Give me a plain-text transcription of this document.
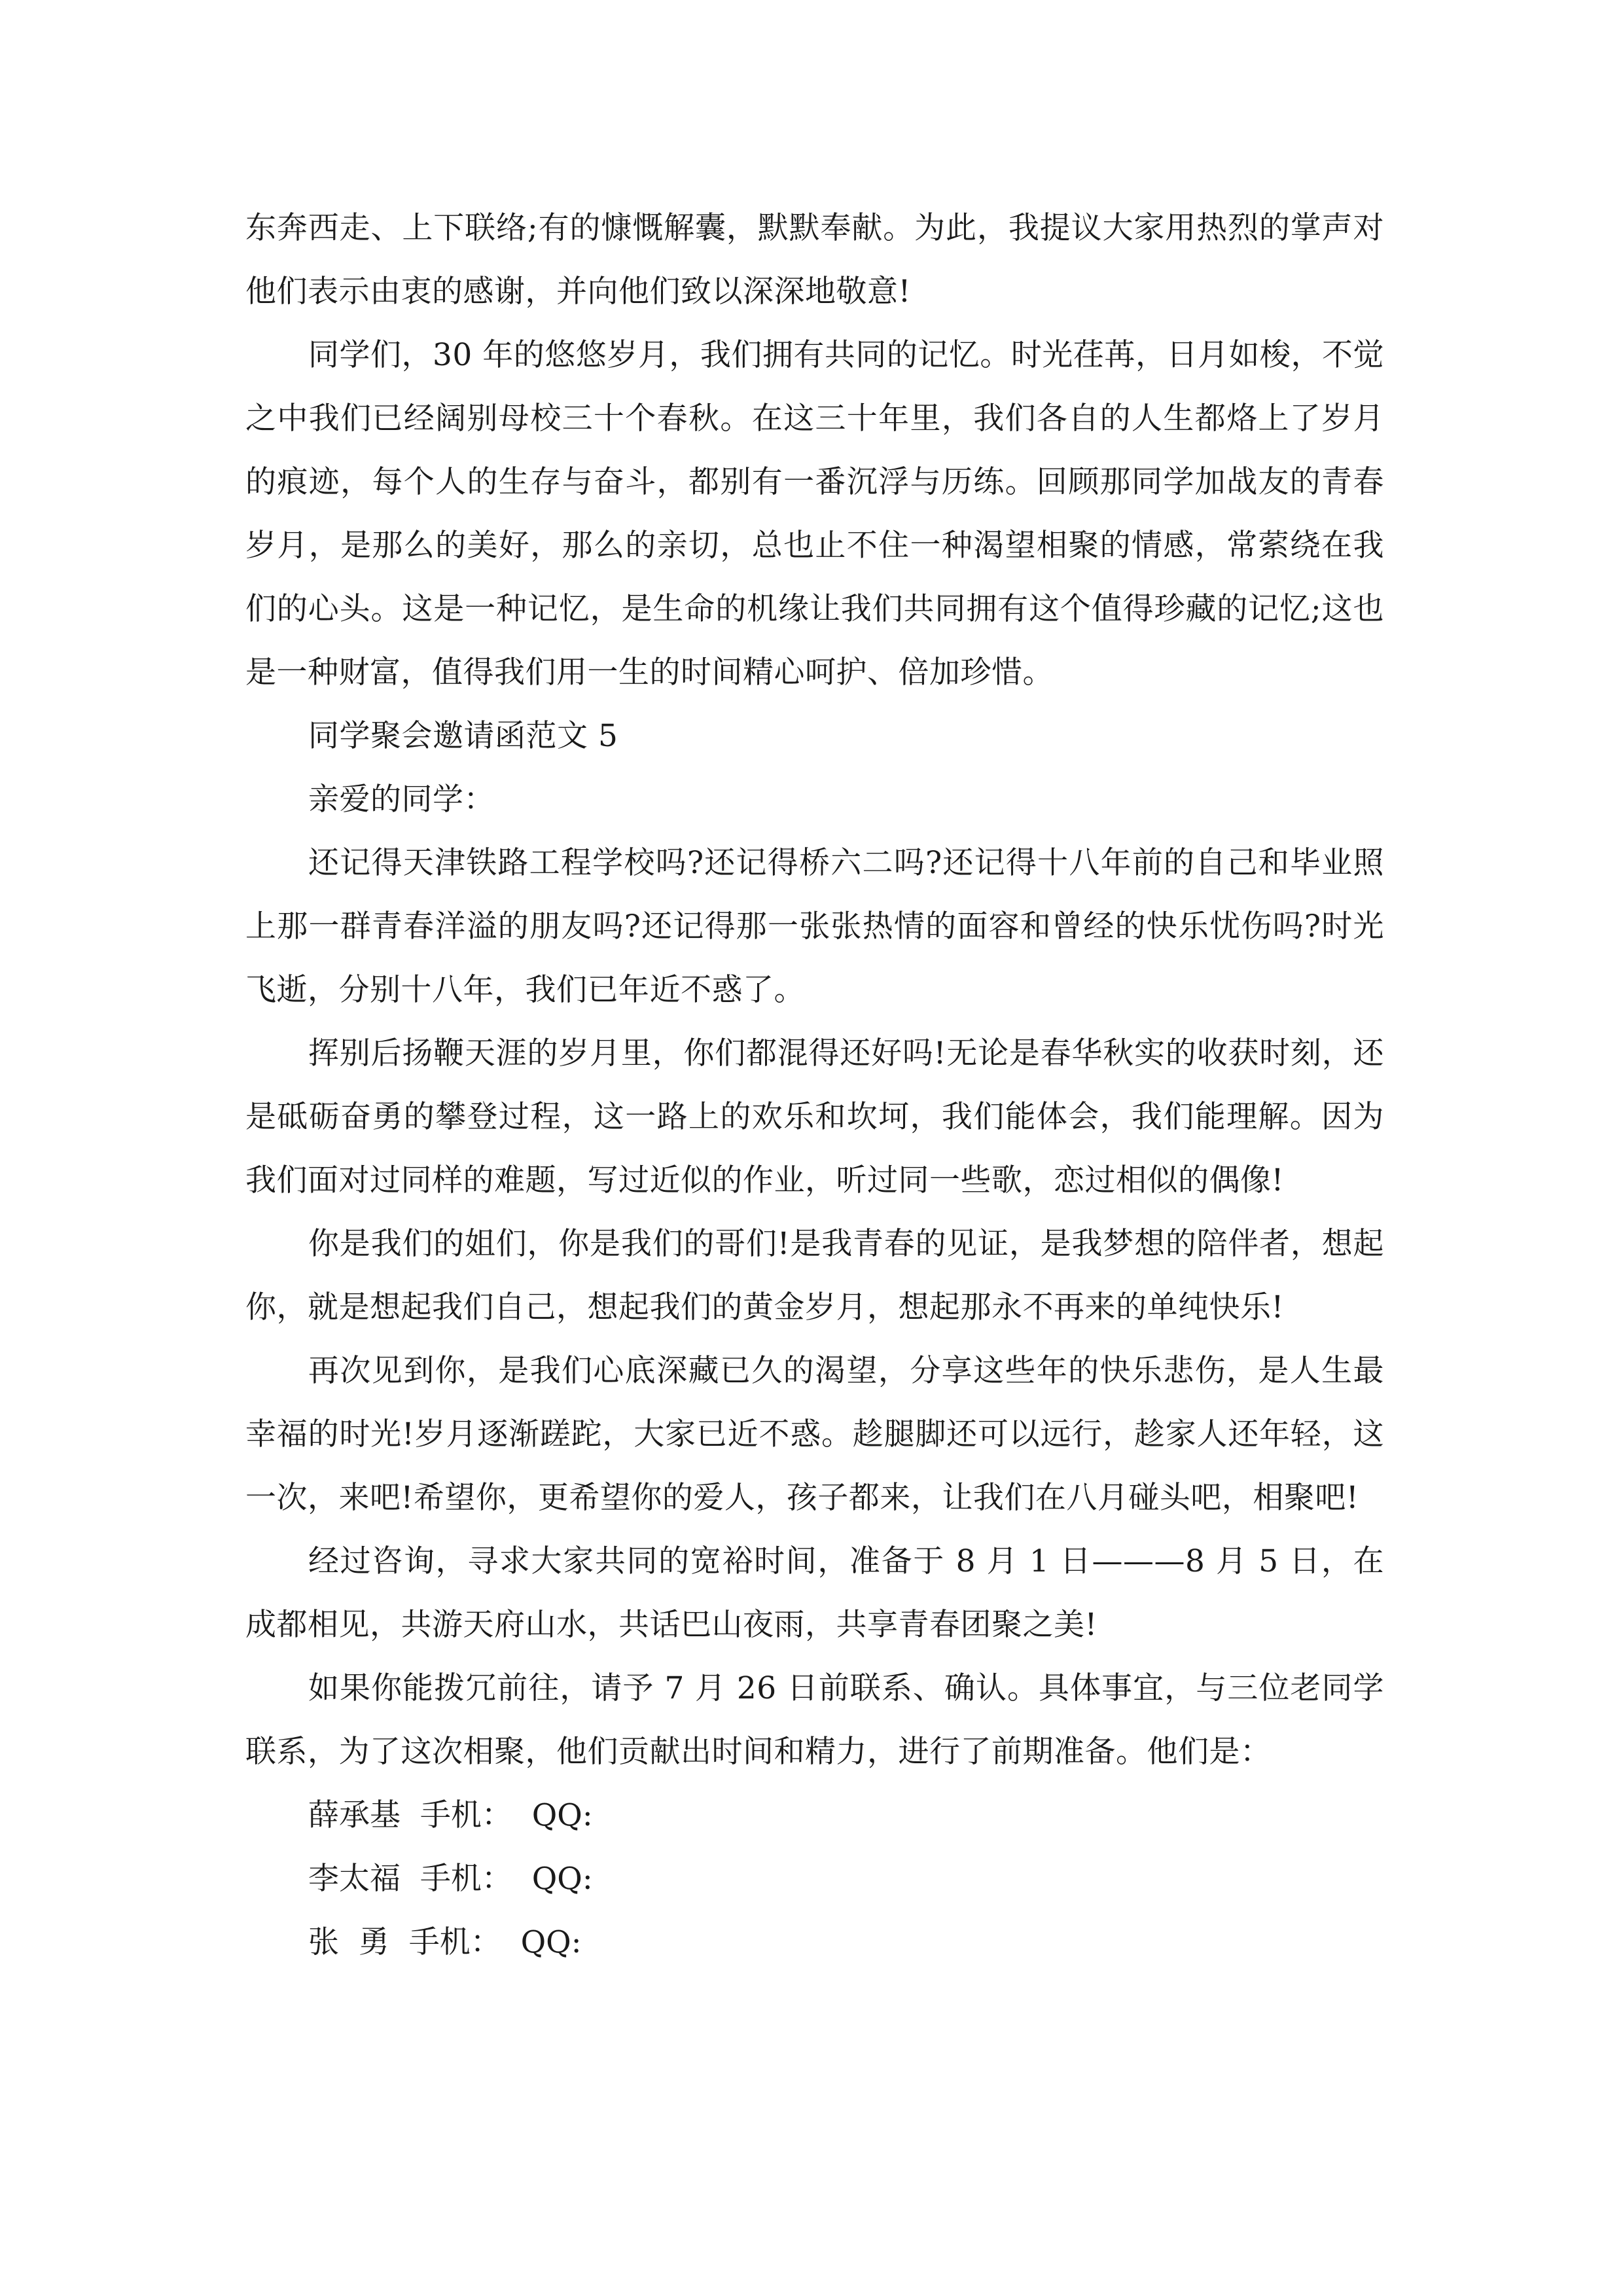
东奔西走、上下联络;有的慷慨解囊，默默奉献。为此，我提议大家用热烈的掌声对他们表示由衷的感谢，并向他们致以深深地敬意!

同学们，30 年的悠悠岁月，我们拥有共同的记忆。时光荏苒，日月如梭，不觉之中我们已经阔别母校三十个春秋。在这三十年里，我们各自的人生都烙上了岁月的痕迹，每个人的生存与奋斗，都别有一番沉浮与历练。回顾那同学加战友的青春岁月，是那么的美好，那么的亲切，总也止不住一种渴望相聚的情感，常萦绕在我们的心头。这是一种记忆，是生命的机缘让我们共同拥有这个值得珍藏的记忆;这也是一种财富，值得我们用一生的时间精心呵护、倍加珍惜。

同学聚会邀请函范文 5

亲爱的同学：

还记得天津铁路工程学校吗?还记得桥六二吗?还记得十八年前的自己和毕业照上那一群青春洋溢的朋友吗?还记得那一张张热情的面容和曾经的快乐忧伤吗?时光飞逝，分别十八年，我们已年近不惑了。

挥别后扬鞭天涯的岁月里，你们都混得还好吗!无论是春华秋实的收获时刻，还是砥砺奋勇的攀登过程，这一路上的欢乐和坎坷，我们能体会，我们能理解。因为我们面对过同样的难题，写过近似的作业，听过同一些歌，恋过相似的偶像!

你是我们的姐们，你是我们的哥们!是我青春的见证，是我梦想的陪伴者，想起你，就是想起我们自己，想起我们的黄金岁月，想起那永不再来的单纯快乐!

再次见到你，是我们心底深藏已久的渴望，分享这些年的快乐悲伤，是人生最幸福的时光!岁月逐渐蹉跎，大家已近不惑。趁腿脚还可以远行，趁家人还年轻，这一次，来吧!希望你，更希望你的爱人，孩子都来，让我们在八月碰头吧，相聚吧!

经过咨询，寻求大家共同的宽裕时间，准备于 8 月 1 日———8 月 5 日，在成都相见，共游天府山水，共话巴山夜雨，共享青春团聚之美!

如果你能拨冗前往，请予 7 月 26 日前联系、确认。具体事宜，与三位老同学联系，为了这次相聚，他们贡献出时间和精力，进行了前期准备。他们是：

薛承基  手机：  QQ:

李太福  手机：  QQ:

张  勇  手机：  QQ:
